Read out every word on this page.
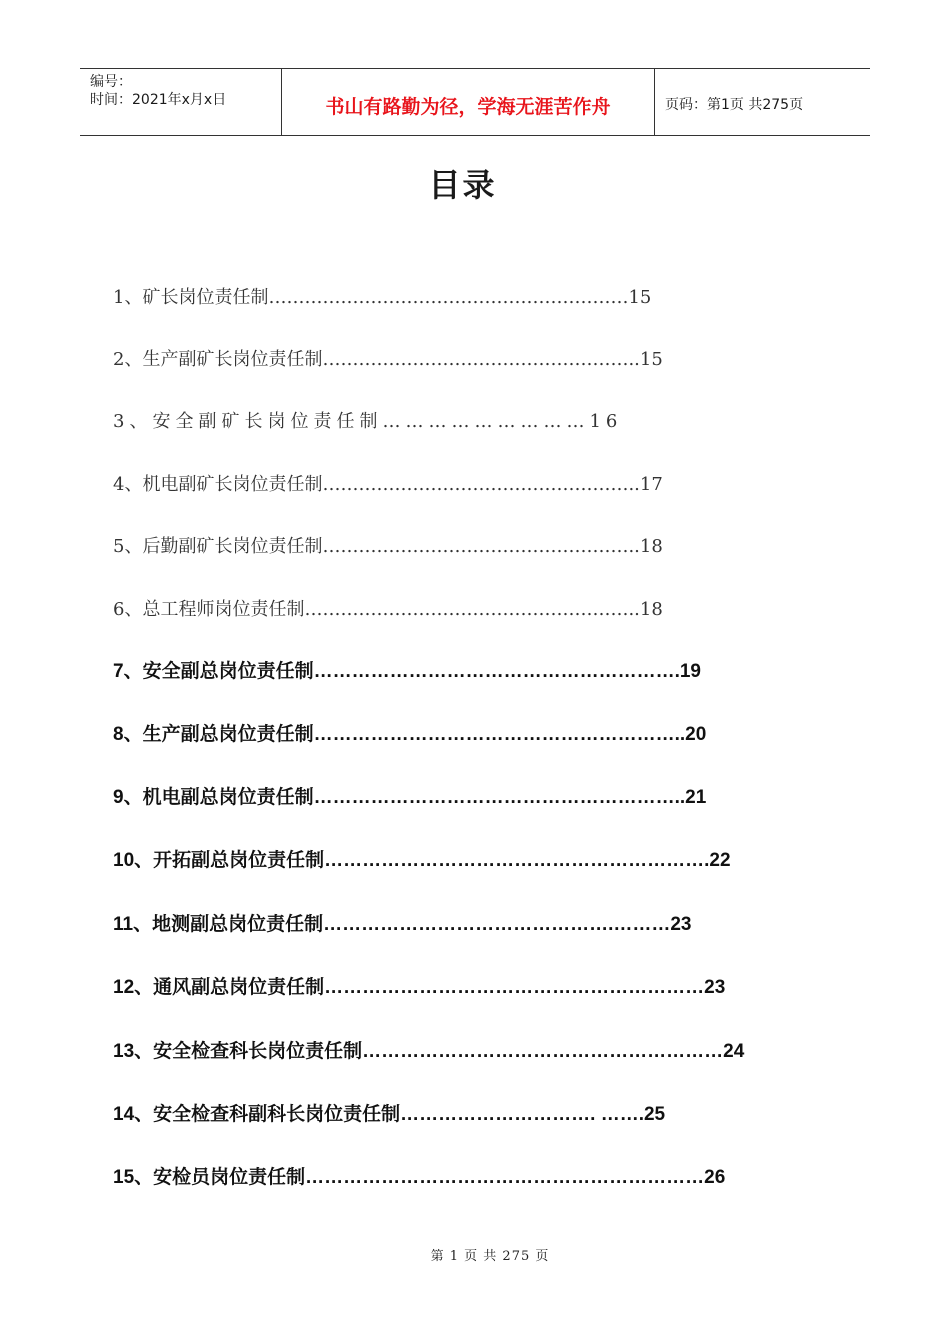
编号：
时间：2021年x月x日	书山有路勤为径，学海无涯苦作舟	页码：第1页 共275页
目录
1、矿长岗位责任制……………………………………………………15
2、生产副矿长岗位责任制……………………………………………..15
3、安全副矿长岗位责任制………………………16
4、机电副矿长岗位责任制……………………………………………..17
5、后勤副矿长岗位责任制……………………………………………..18
6、总工程师岗位责任制………………………………………………..18
7、安全副总岗位责任制………………………………………………….19
8、生产副总岗位责任制…………………………………………………..20
9、机电副总岗位责任制…………………………………………………..21
10、开拓副总岗位责任制…………………………………………………….22
11、地测副总岗位责任制……………………………………….………23
12、通风副总岗位责任制……………………………………………………23
13、安全检查科长岗位责任制…………………………………………………24
14、安全检查科副科长岗位责任制…………………………. …….25
15、安检员岗位责任制………………………………………………………26
第 1 页 共 275 页
